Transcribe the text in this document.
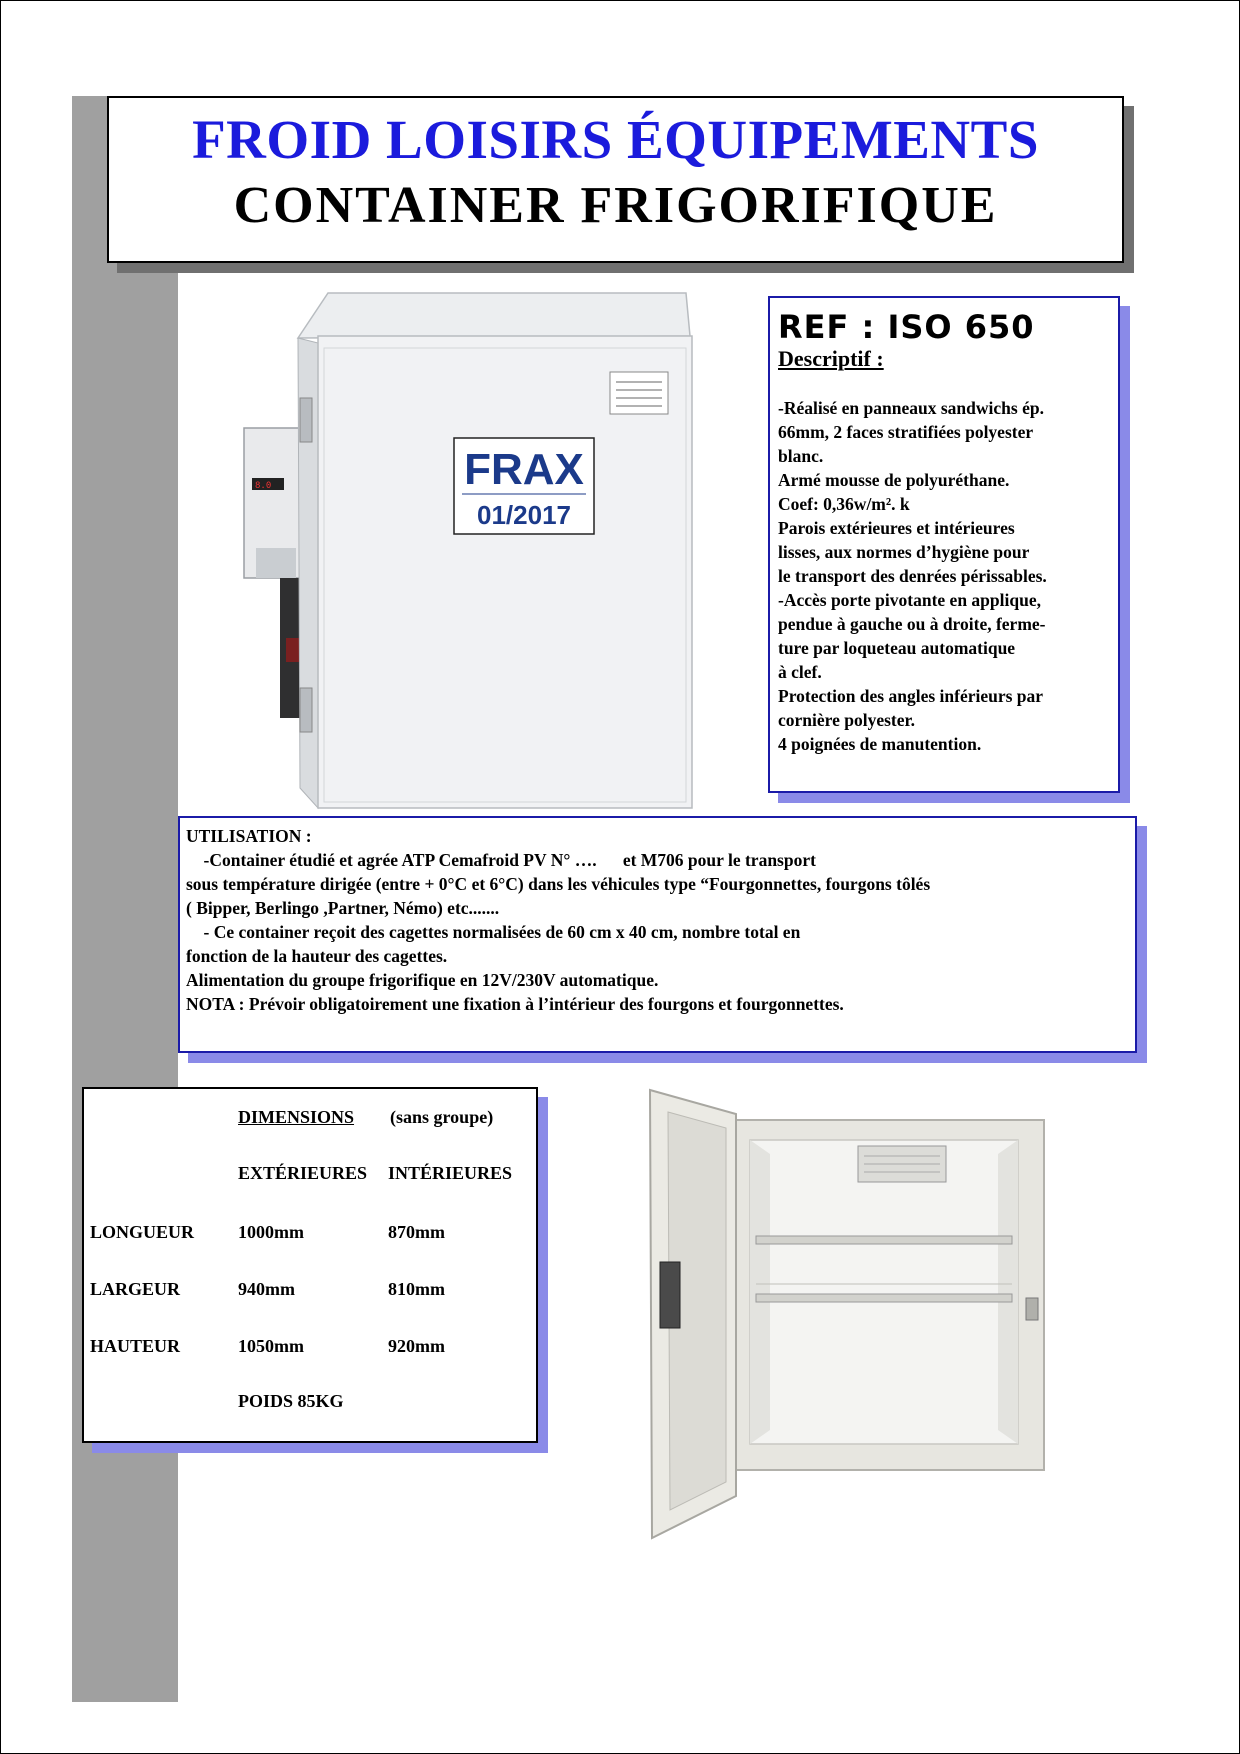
FROID LOISIRS ÉQUIPEMENTS
CONTAINER FRIGORIFIQUE
8.0	FRAX
01/2017
REF : ISO 650
Descriptif :
-Réalisé en panneaux sandwichs ép.
66mm, 2 faces stratifiées polyester
blanc.
Armé mousse de polyuréthane.
Coef: 0,36w/m². k
Parois extérieures et intérieures
lisses, aux normes d’hygiène pour
le transport des denrées périssables.
-Accès porte pivotante en applique,
pendue à gauche ou à droite, ferme-
ture par loqueteau automatique
à clef.
Protection des angles inférieurs par
cornière polyester.
4 poignées de manutention.
UTILISATION :
-Container étudié et agrée ATP Cemafroid PV N° ….      et M706 pour le transport
sous température dirigée (entre + 0°C et 6°C) dans les véhicules type “Fourgonnettes, fourgons tôlés
( Bipper, Berlingo ,Partner, Némo) etc.......
- Ce container reçoit des cagettes normalisées de 60 cm x 40 cm, nombre total en
fonction de la hauteur des cagettes.
Alimentation du groupe frigorifique en 12V/230V automatique.
NOTA : Prévoir obligatoirement une fixation à l’intérieur des fourgons et fourgonnettes.
DIMENSIONS (sans groupe)
EXTÉRIEURES INTÉRIEURES
LONGUEUR 1000mm	870mm
LARGEUR	940mm	810mm
HAUTEUR	1050mm	920mm
POIDS 85KG
